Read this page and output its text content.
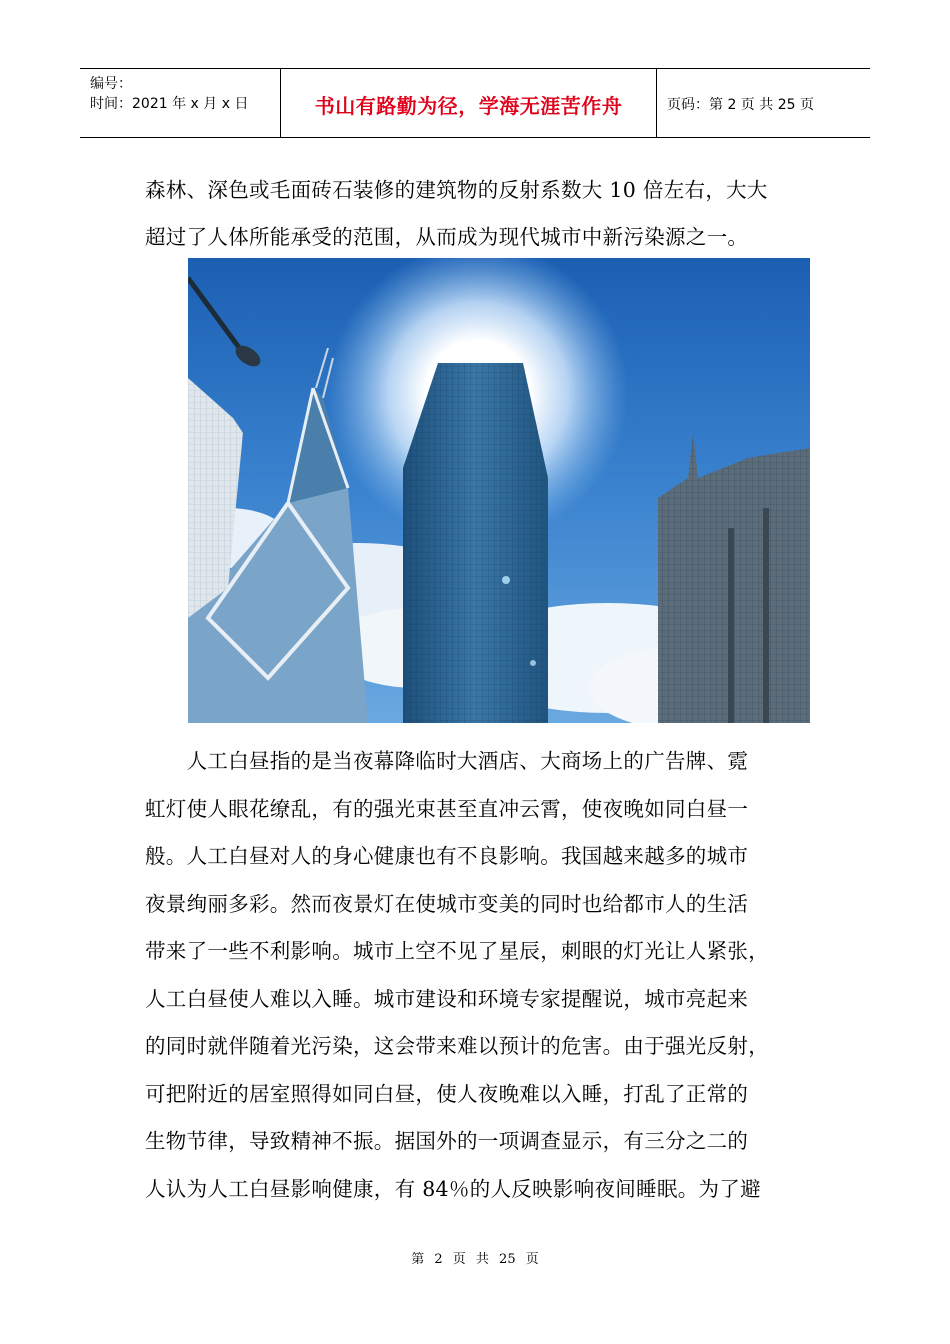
编号：
时间：2021 年 x 月 x 日	书山有路勤为径，学海无涯苦作舟	页码：第 2 页 共 25 页
森林、深色或毛面砖石装修的建筑物的反射系数大 10 倍左右，大大
超过了人体所能承受的范围，从而成为现代城市中新污染源之一。
　　人工白昼指的是当夜幕降临时大酒店、大商场上的广告牌、霓
虹灯使人眼花缭乱，有的强光束甚至直冲云霄，使夜晚如同白昼一
般。人工白昼对人的身心健康也有不良影响。我国越来越多的城市
夜景绚丽多彩。然而夜景灯在使城市变美的同时也给都市人的生活
带来了一些不利影响。城市上空不见了星辰，刺眼的灯光让人紧张，
人工白昼使人难以入睡。城市建设和环境专家提醒说，城市亮起来
的同时就伴随着光污染，这会带来难以预计的危害。由于强光反射，
可把附近的居室照得如同白昼，使人夜晚难以入睡，打乱了正常的
生物节律，导致精神不振。据国外的一项调查显示，有三分之二的
人认为人工白昼影响健康，有 84％的人反映影响夜间睡眠。为了避
第 2 页 共 25 页
